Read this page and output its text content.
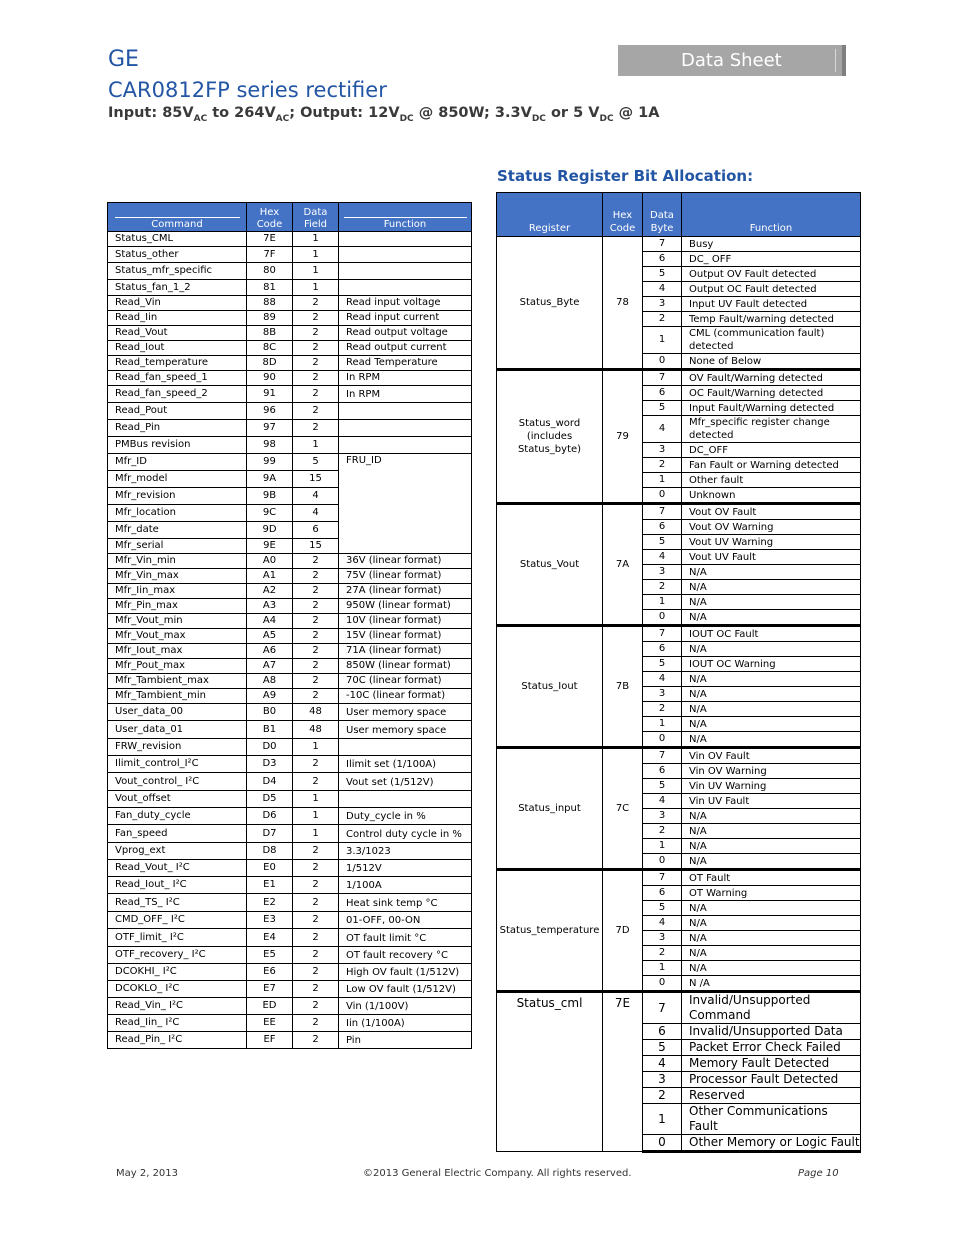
GE	Data Sheet
CAR0812FP series rectifier
Input: $85V_{AC}$ to $264V_{AC}$; Output: $12V_{DC}$ @ 850W; $3.3V_{DC}$ or 5 $V_{DC}$ @ 1A
Status Register Bit Allocation:
Command	Hex Code	Data Field	Function
Status_CML	7E	1	
Status_other	7F	1	
Status_mfr_specific	80	1	
Status_fan_1_2	81	1	
Read_Vin	88	2	Read input voltage
Read_Iin	89	2	Read input current
Read_Vout	8B	2	Read output voltage
Read_Iout	8C	2	Read output current
Read_temperature	8D	2	Read Temperature
Read_fan_speed_1	90	2	In RPM
Read_fan_speed_2	91	2	In RPM
Read_Pout	96	2	
Read_Pin	97	2	
PMBus revision	98	1	
Mfr_ID	99	5	FRU_ID
Mfr_model	9A	15	
Mfr_revision	9B	4	
Mfr_location	9C	4	
Mfr_date	9D	6	
Mfr_serial	9E	15	
Mfr_Vin_min	A0	2	36V (linear format)
Mfr_Vin_max	A1	2	75V (linear format)
Mfr_Iin_max	A2	2	27A (linear format)
Mfr_Pin_max	A3	2	950W (linear format)
Mfr_Vout_min	A4	2	10V (linear format)
Mfr_Vout_max	A5	2	15V (linear format)
Mfr_Iout_max	A6	2	71A (linear format)
Mfr_Pout_max	A7	2	850W (linear format)
Mfr_Tambient_max	A8	2	70C (linear format)
Mfr_Tambient_min	A9	2	-10C (linear format)
User_data_00	B0	48	User memory space
User_data_01	B1	48	User memory space
FRW_revision	D0	1	
Ilimit_control_I²C	D3	2	Ilimit set (1/100A)
Vout_control_ I²C	D4	2	Vout set (1/512V)
Vout_offset	D5	1	
Fan_duty_cycle	D6	1	Duty_cycle in %
Fan_speed	D7	1	Control duty cycle in %
Vprog_ext	D8	2	3.3/1023
Read_Vout_ I²C	E0	2	1/512V
Read_Iout_ I²C	E1	2	1/100A
Read_TS_ I²C	E2	2	Heat sink temp °C
CMD_OFF_ I²C	E3	2	01-OFF, 00-ON
OTF_limit_ I²C	E4	2	OT fault limit °C
OTF_recovery_ I²C	E5	2	OT fault recovery °C
DCOKHI_ I²C	E6	2	High OV fault (1/512V)
DCOKLO_ I²C	E7	2	Low OV fault (1/512V)
Read_Vin_ I²C	ED	2	Vin (1/100V)
Read_Iin_ I²C	EE	2	Iin (1/100A)
Read_Pin_ I²C	EF	2	Pin
Register	Hex Code	Data Byte	Function
Status_Byte	78	7	Busy
		6	DC_ OFF
		5	Output OV Fault detected
		4	Output OC Fault detected
		3	Input UV Fault detected
		2	Temp Fault/warning detected
		1	CML (communication fault) detected
		0	None of Below
Status_word (includes Status_byte)	79	7	OV Fault/Warning detected
		6	OC Fault/Warning detected
		5	Input Fault/Warning detected
		4	Mfr_specific register change detected
		3	DC_OFF
		2	Fan Fault or Warning detected
		1	Other fault
		0	Unknown
Status_Vout	7A	7	Vout OV Fault
		6	Vout OV Warning
		5	Vout UV Warning
		4	Vout UV Fault
		3	N/A
		2	N/A
		1	N/A
		0	N/A
Status_Iout	7B	7	IOUT OC Fault
		6	N/A
		5	IOUT OC Warning
		4	N/A
		3	N/A
		2	N/A
		1	N/A
		0	N/A
Status_input	7C	7	Vin OV Fault
		6	Vin OV Warning
		5	Vin UV Warning
		4	Vin UV Fault
		3	N/A
		2	N/A
		1	N/A
		0	N/A
Status_temperature	7D	7	OT Fault
		6	OT Warning
		5	N/A
		4	N/A
		3	N/A
		2	N/A
		1	N/A
		0	N /A
Status_cml	7E	7	Invalid/Unsupported Command
		6	Invalid/Unsupported Data
		5	Packet Error Check Failed
		4	Memory Fault Detected
		3	Processor Fault Detected
		2	Reserved
		1	Other Communications Fault
		0	Other Memory or Logic Fault
May 2, 2013	©2013 General Electric Company. All rights reserved.	Page 10
